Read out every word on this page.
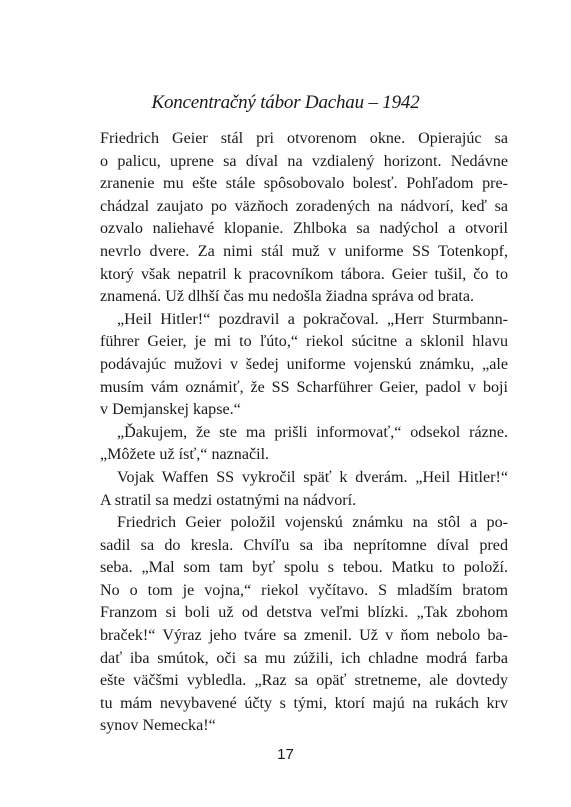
Koncentračný tábor Dachau – 1942
Friedrich Geier stál pri otvorenom okne. Opierajúc sa
o palicu, uprene sa díval na vzdialený horizont. Nedávne
zranenie mu ešte stále spôsobovalo bolesť. Pohľadom pre-
chádzal zaujato po väzňoch zoradených na nádvorí, keď sa
ozvalo naliehavé klopanie. Zhlboka sa nadýchol a otvoril
nevrlo dvere. Za nimi stál muž v uniforme SS Totenkopf,
ktorý však nepatril k pracovníkom tábora. Geier tušil, čo to
znamená. Už dlhší čas mu nedošla žiadna správa od brata.
„Heil Hitler!“ pozdravil a pokračoval. „Herr Sturmbann-
führer Geier, je mi to ľúto,“ riekol súcitne a sklonil hlavu
podávajúc mužovi v šedej uniforme vojenskú známku, „ale
musím vám oznámiť, že SS Scharführer Geier, padol v boji
v Demjanskej kapse.“
„Ďakujem, že ste ma prišli informovať,“ odsekol rázne.
„Môžete už ísť,“ naznačil.
Vojak Waffen SS vykročil späť k dverám. „Heil Hitler!“
A stratil sa medzi ostatnými na nádvorí.
Friedrich Geier položil vojenskú známku na stôl a po-
sadil sa do kresla. Chvíľu sa iba neprítomne díval pred
seba. „Mal som tam byť spolu s tebou. Matku to položí.
No o tom je vojna,“ riekol vyčítavo. S mladším bratom
Franzom si boli už od detstva veľmi blízki. „Tak zbohom
braček!“ Výraz jeho tváre sa zmenil. Už v ňom nebolo ba-
dať iba smútok, oči sa mu zúžili, ich chladne modrá farba
ešte väčšmi vybledla. „Raz sa opäť stretneme, ale dovtedy
tu mám nevybavené účty s tými, ktorí majú na rukách krv
synov Nemecka!“
17
